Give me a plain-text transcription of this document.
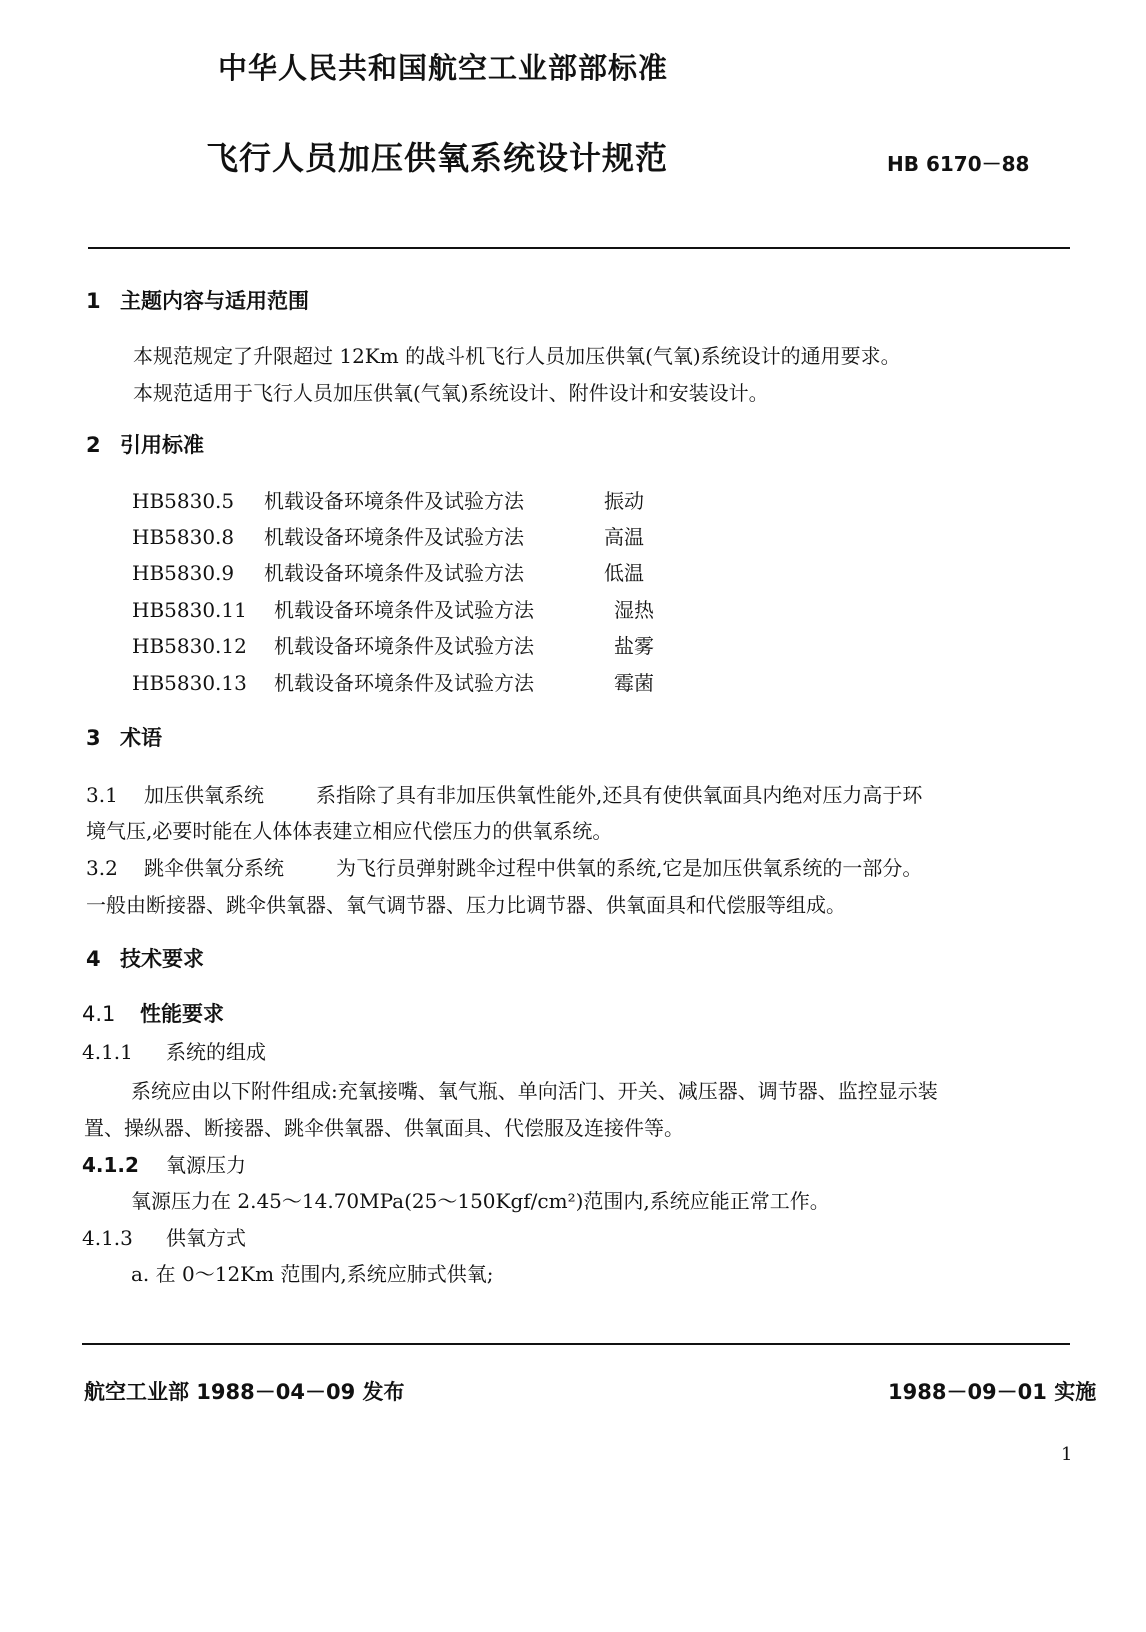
中华人民共和国航空工业部部标准
飞行人员加压供氧系统设计规范	HB 6170－88
1 主题内容与适用范围
本规范规定了升限超过 12Km 的战斗机飞行人员加压供氧(气氧)系统设计的通用要求。
本规范适用于飞行人员加压供氧(气氧)系统设计、附件设计和安装设计。
2 引用标准
HB5830.5 机载设备环境条件及试验方法	振动
HB5830.8 机载设备环境条件及试验方法	高温
HB5830.9 机载设备环境条件及试验方法	低温
HB5830.11 机载设备环境条件及试验方法	湿热
HB5830.12 机载设备环境条件及试验方法	盐雾
HB5830.13 机载设备环境条件及试验方法	霉菌
3 术语
3.1 加压供氧系统	系指除了具有非加压供氧性能外,还具有使供氧面具内绝对压力高于环
境气压,必要时能在人体体表建立相应代偿压力的供氧系统。
3.2 跳伞供氧分系统	为飞行员弹射跳伞过程中供氧的系统,它是加压供氧系统的一部分。
一般由断接器、跳伞供氧器、氧气调节器、压力比调节器、供氧面具和代偿服等组成。
4 技术要求
4.1 性能要求
4.1.1 系统的组成
系统应由以下附件组成:充氧接嘴、氧气瓶、单向活门、开关、减压器、调节器、监控显示装
置、操纵器、断接器、跳伞供氧器、供氧面具、代偿服及连接件等。
4.1.2 氧源压力
氧源压力在 2.45～14.70MPa(25～150Kgf/cm²)范围内,系统应能正常工作。
4.1.3 供氧方式
a. 在 0～12Km 范围内,系统应肺式供氧;
航空工业部 1988－04－09 发布	1988－09－01 实施
1
